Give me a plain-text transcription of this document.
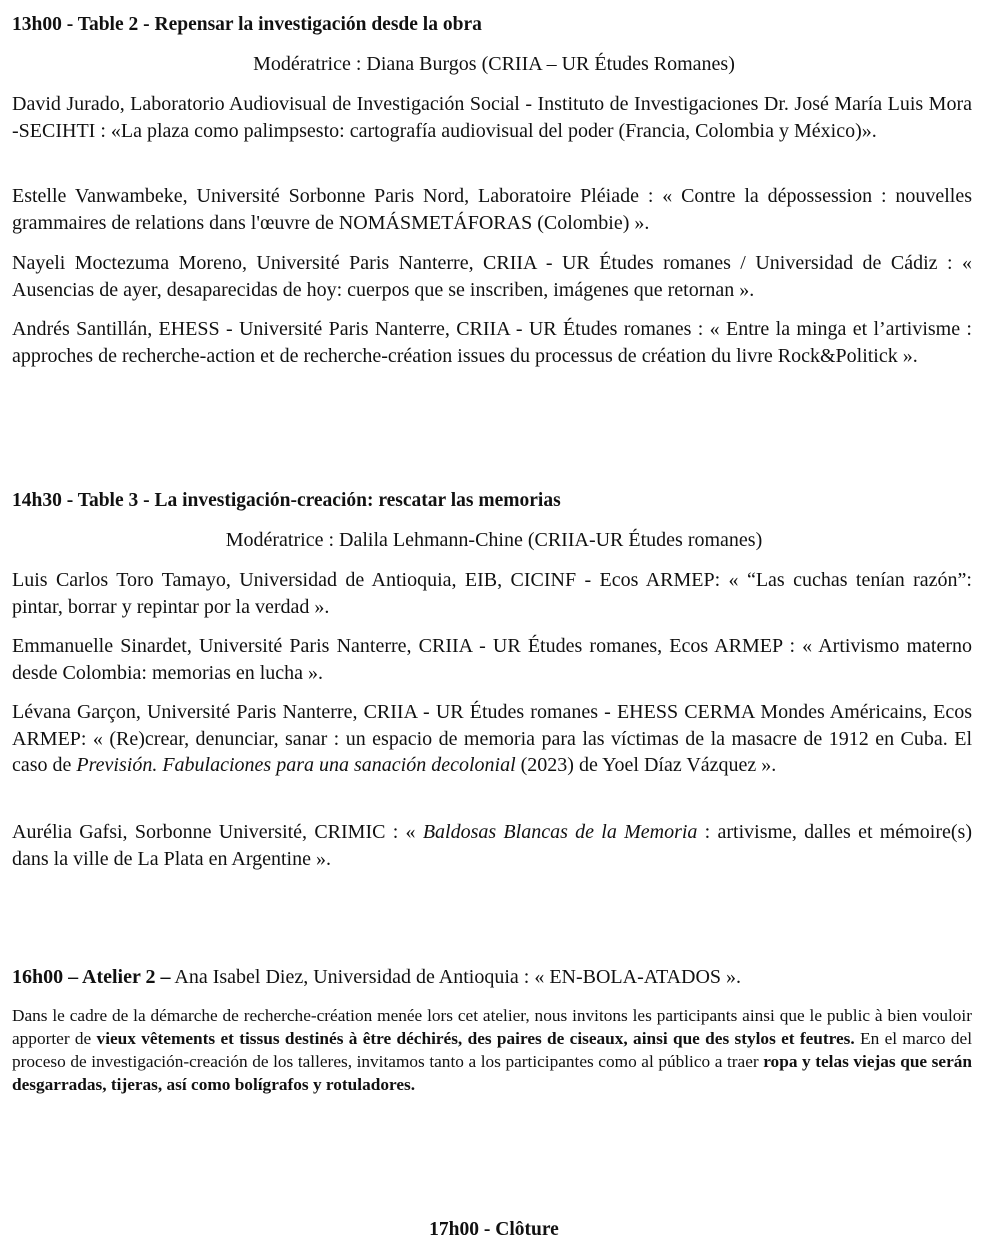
13h00 - Table 2 - Repensar la investigación desde la obra

Modératrice : Diana Burgos (CRIIA – UR Études Romanes)

David Jurado, Laboratorio Audiovisual de Investigación Social - Instituto de Investigaciones Dr. José María Luis Mora -SECIHTI : «La plaza como palimpsesto: cartografía audiovisual del poder (Francia, Colombia y México)».

Estelle Vanwambeke, Université Sorbonne Paris Nord, Laboratoire Pléiade : « Contre la dépossession : nouvelles grammaires de relations dans l'œuvre de NOMÁSMETÁFORAS (Colombie) ».

Nayeli Moctezuma Moreno, Université Paris Nanterre, CRIIA - UR Études romanes / Universidad de Cádiz : « Ausencias de ayer, desaparecidas de hoy: cuerpos que se inscriben, imágenes que retornan ».

Andrés Santillán, EHESS - Université Paris Nanterre, CRIIA - UR Études romanes : « Entre la minga et l’artivisme : approches de recherche-action et de recherche-création issues du processus de création du livre Rock&Politick ».

14h30 - Table 3 - La investigación-creación: rescatar las memorias

Modératrice : Dalila Lehmann-Chine (CRIIA-UR Études romanes)

Luis Carlos Toro Tamayo, Universidad de Antioquia, EIB, CICINF - Ecos ARMEP: « “Las cuchas tenían razón”: pintar, borrar y repintar por la verdad ».

Emmanuelle Sinardet, Université Paris Nanterre, CRIIA - UR Études romanes, Ecos ARMEP : « Artivismo materno desde Colombia: memorias en lucha ».

Lévana Garçon, Université Paris Nanterre, CRIIA - UR Études romanes - EHESS CERMA Mondes Américains, Ecos ARMEP: « (Re)crear, denunciar, sanar : un espacio de memoria para las víctimas de la masacre de 1912 en Cuba. El caso de Previsión. Fabulaciones para una sanación decolonial (2023) de Yoel Díaz Vázquez ».

Aurélia Gafsi, Sorbonne Université, CRIMIC : « Baldosas Blancas de la Memoria : artivisme, dalles et mémoire(s) dans la ville de La Plata en Argentine ».

16h00 – Atelier 2 – Ana Isabel Diez, Universidad de Antioquia : « EN-BOLA-ATADOS ».

Dans le cadre de la démarche de recherche-création menée lors cet atelier, nous invitons les participants ainsi que le public à bien vouloir apporter de vieux vêtements et tissus destinés à être déchirés, des paires de ciseaux, ainsi que des stylos et feutres. En el marco del proceso de investigación-creación de los talleres, invitamos tanto a los participantes como al público a traer ropa y telas viejas que serán desgarradas, tijeras, así como bolígrafos y rotuladores.

17h00 - Clôture
